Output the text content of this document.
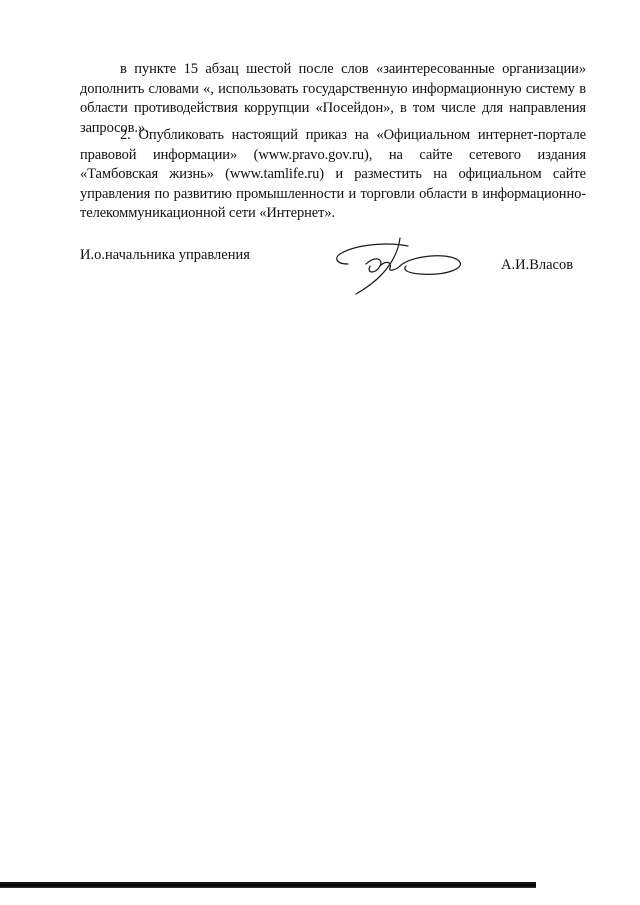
в пункте 15 абзац шестой после слов «заинтересованные организации» дополнить словами «, использовать государственную информационную систему в области противодействия коррупции «Посейдон», в том числе для направления запросов.».

2. Опубликовать настоящий приказ на «Официальном интернет-портале правовой информации» (www.pravo.gov.ru), на сайте сетевого издания «Тамбовская жизнь» (www.tamlife.ru) и разместить на официальном сайте управления по развитию промышленности и торговли области в информационно-телекоммуникационной сети «Интернет».

И.о.начальника управления

А.И.Власов
